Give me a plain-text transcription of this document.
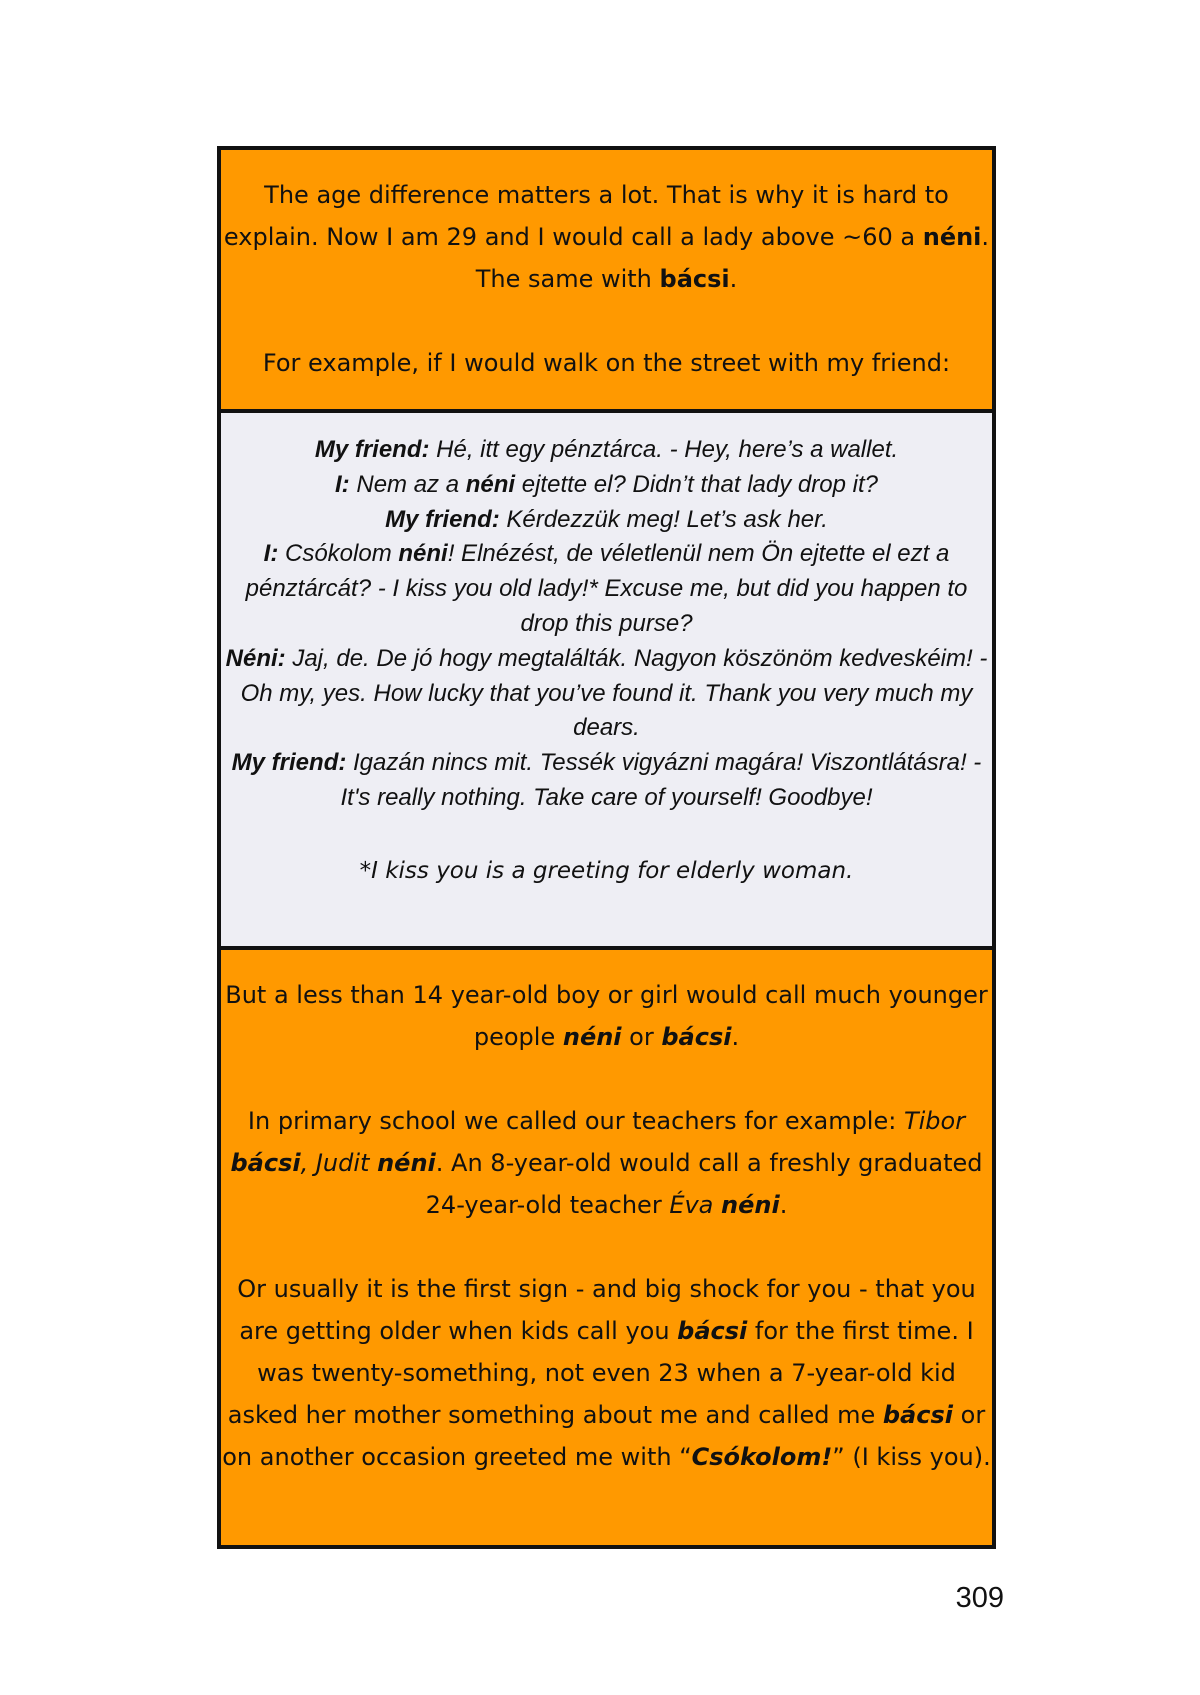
The age difference matters a lot. That is why it is hard to explain. Now I am 29 and I would call a lady above ~60 a néni. The same with bácsi.

For example, if I would walk on the street with my friend:

My friend: Hé, itt egy pénztárca. - Hey, here’s a wallet.

I: Nem az a néni ejtette el? Didn’t that lady drop it?

My friend: Kérdezzük meg! Let’s ask her.

I: Csókolom néni! Elnézést, de véletlenül nem Ön ejtette el ezt a pénztárcát? - I kiss you old lady!* Excuse me, but did you happen to drop this purse?

Néni: Jaj, de. De jó hogy megtalálták. Nagyon köszönöm kedveskéim! - Oh my, yes. How lucky that you’ve found it. Thank you very much my dears.

My friend: Igazán nincs mit. Tessék vigyázni magára! Viszontlátásra! - It's really nothing. Take care of yourself! Goodbye!

*I kiss you is a greeting for elderly woman.

But a less than 14 year-old boy or girl would call much younger people néni or bácsi.

In primary school we called our teachers for example: Tibor bácsi, Judit néni. An 8-year-old would call a freshly graduated 24-year-old teacher Éva néni.

Or usually it is the first sign - and big shock for you - that you are getting older when kids call you bácsi for the first time. I was twenty-something, not even 23 when a 7-year-old kid asked her mother something about me and called me bácsi or on another occasion greeted me with “Csókolom!” (I kiss you).

309
